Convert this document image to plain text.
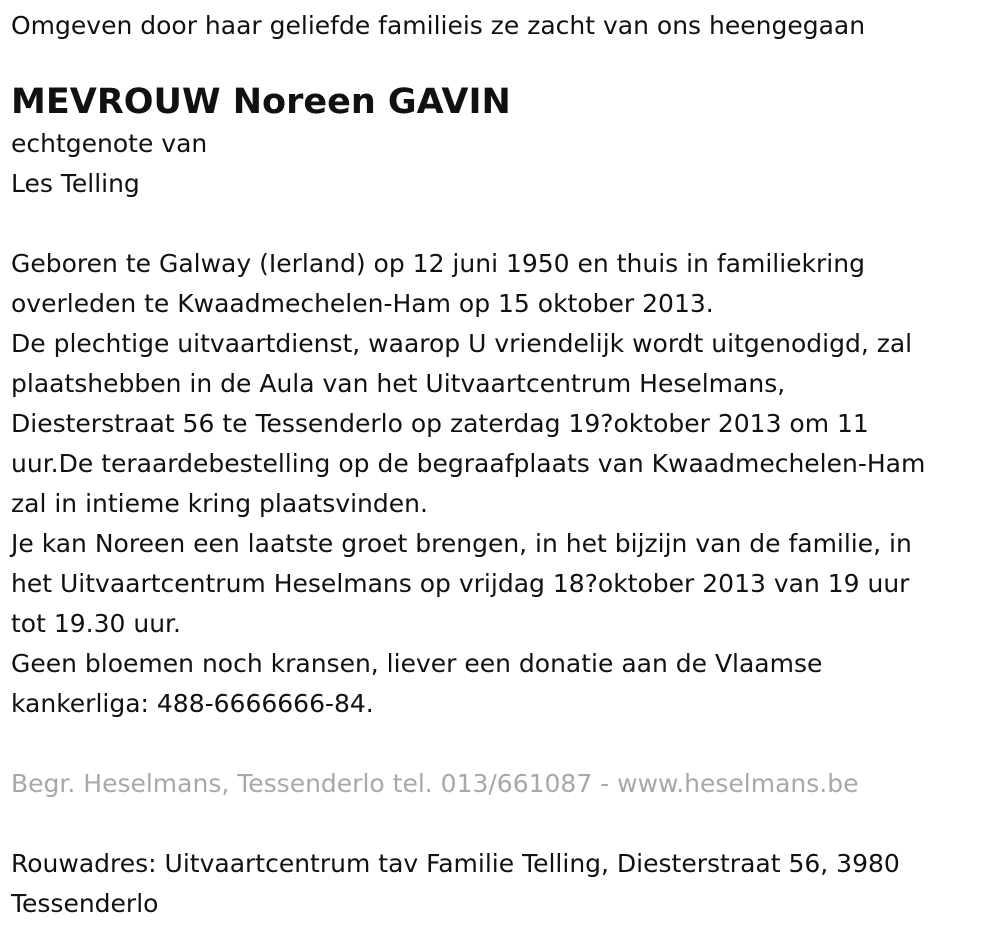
Omgeven door haar geliefde familieis ze zacht van ons heengegaan

MEVROUW Noreen GAVIN

echtgenote van

Les Telling

Geboren te Galway (Ierland) op 12 juni 1950 en thuis in familiekring

overleden te Kwaadmechelen-Ham op 15 oktober 2013.

De plechtige uitvaartdienst, waarop U vriendelijk wordt uitgenodigd, zal

plaatshebben in de Aula van het Uitvaartcentrum Heselmans,

Diesterstraat 56 te Tessenderlo op zaterdag 19?oktober 2013 om 11

uur.De teraardebestelling op de begraafplaats van Kwaadmechelen-Ham

zal in intieme kring plaatsvinden.

Je kan Noreen een laatste groet brengen, in het bijzijn van de familie, in

het Uitvaartcentrum Heselmans op vrijdag 18?oktober 2013 van 19 uur

tot 19.30 uur.

Geen bloemen noch kransen, liever een donatie aan de Vlaamse

kankerliga: 488-6666666-84.

Begr. Heselmans, Tessenderlo tel. 013/661087 - www.heselmans.be

Rouwadres: Uitvaartcentrum tav Familie Telling, Diesterstraat 56, 3980

Tessenderlo
